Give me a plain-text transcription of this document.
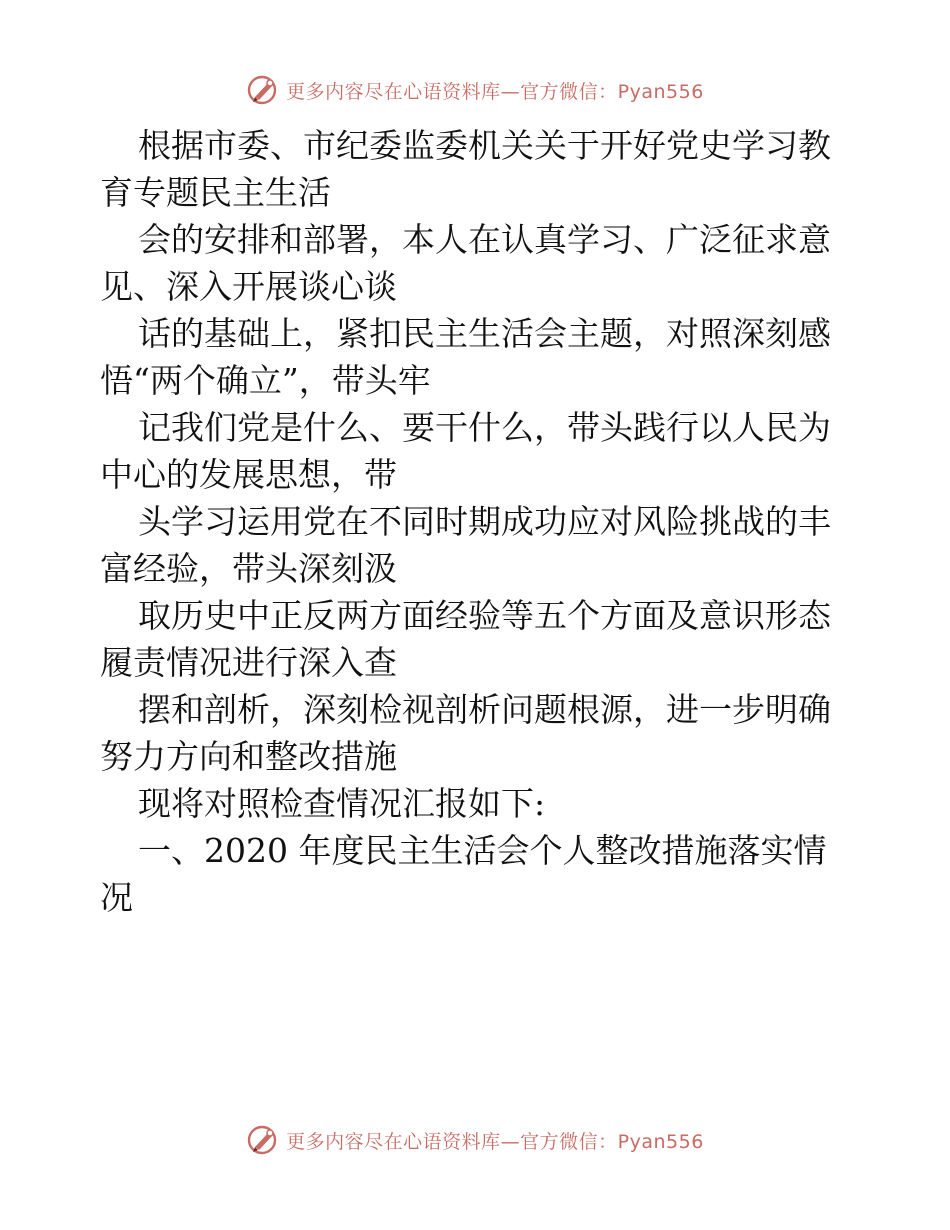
更多内容尽在心语资料库—官方微信：Pyan556
根据市委、市纪委监委机关关于开好党史学习教
育专题民主生活
会的安排和部署，本人在认真学习、广泛征求意
见、深入开展谈心谈
话的基础上，紧扣民主生活会主题，对照深刻感
悟“两个确立”，带头牢
记我们党是什么、要干什么，带头践行以人民为
中心的发展思想，带
头学习运用党在不同时期成功应对风险挑战的丰
富经验，带头深刻汲
取历史中正反两方面经验等五个方面及意识形态
履责情况进行深入查
摆和剖析，深刻检视剖析问题根源，进一步明确
努力方向和整改措施
现将对照检查情况汇报如下:
一、2020 年度民主生活会个人整改措施落实情
况
更多内容尽在心语资料库—官方微信：Pyan556
